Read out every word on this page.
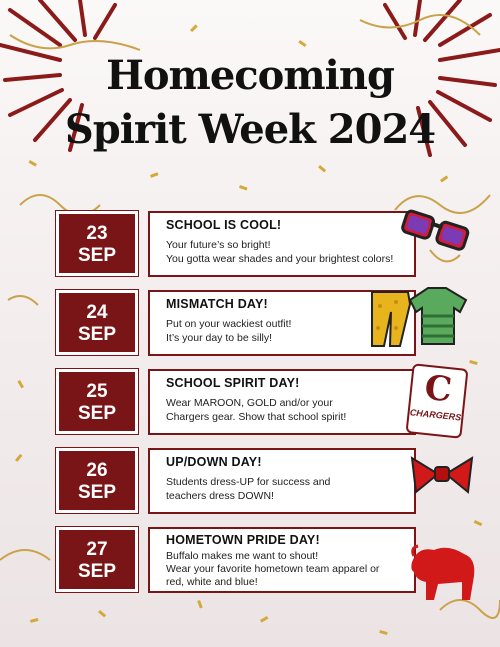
Homecoming
Spirit Week 2024
23
SEP
SCHOOL IS COOL!

Your future’s so bright!

You gotta wear shades and your brightest colors!

24
SEP
MISMATCH DAY!

Put on your wackiest outfit!

It’s your day to be silly!

25
SEP
SCHOOL SPIRIT DAY!

Wear MAROON, GOLD and/or your

Chargers gear. Show that school spirit!

26
SEP
UP/DOWN DAY!

Students dress-UP for success and

teachers dress DOWN!

27
SEP
HOMETOWN PRIDE DAY!

Buffalo makes me want to shout!

Wear your favorite hometown team apparel or

red, white and blue!

C
CHARGERS
